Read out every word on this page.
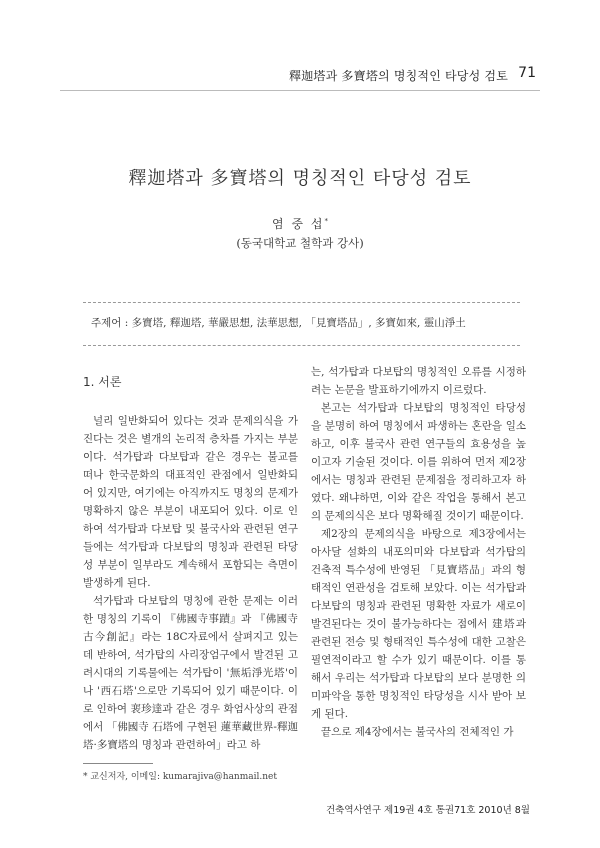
釋迦塔과 多寶塔의 명칭적인 타당성 검토 71
釋迦塔과 多寶塔의 명칭적인 타당성 검토
염 중 섭*
(동국대학교 철학과 강사)
주제어 : 多寶塔, 釋迦塔, 華嚴思想, 法華思想, 「見寶塔品」, 多寶如來, 靈山淨土
1. 서론

널리 일반화되어 있다는 것과 문제의식을 가진다는 것은 별개의 논리적 층차를 가지는 부분이다. 석가탑과 다보탑과 같은 경우는 불교를 떠나 한국문화의 대표적인 관점에서 일반화되어 있지만, 여기에는 아직까지도 명칭의 문제가 명확하지 않은 부분이 내포되어 있다. 이로 인하여 석가탑과 다보탑 및 불국사와 관련된 연구들에는 석가탑과 다보탑의 명칭과 관련된 타당성 부분이 일부라도 계속해서 포함되는 측면이 발생하게 된다.

석가탑과 다보탑의 명칭에 관한 문제는 이러한 명칭의 기록이 『佛國寺事蹟』과 『佛國寺古今創記』라는 18C자료에서 살펴지고 있는데 반하여, 석가탑의 사리장엄구에서 발견된 고려시대의 기록물에는 석가탑이 '無垢淨光塔'이나 '西石塔'으로만 기록되어 있기 때문이다. 이로 인하여 裵珍達과 같은 경우 화엄사상의 관점에서 「佛國寺 石塔에 구현된 蓮華藏世界-釋迦塔·多寶塔의 명칭과 관련하여」라고 하

는, 석가탑과 다보탑의 명칭적인 오류를 시정하려는 논문을 발표하기에까지 이르렀다.

본고는 석가탑과 다보탑의 명칭적인 타당성을 분명히 하여 명칭에서 파생하는 혼란을 일소하고, 이후 불국사 관련 연구들의 효용성을 높이고자 기술된 것이다. 이를 위하여 먼저 제2장에서는 명칭과 관련된 문제점을 정리하고자 하였다. 왜냐하면, 이와 같은 작업을 통해서 본고의 문제의식은 보다 명확해질 것이기 때문이다.

제2장의 문제의식을 바탕으로 제3장에서는 아사달 설화의 내포의미와 다보탑과 석가탑의 건축적 특수성에 반영된 「見寶塔品」과의 형태적인 연관성을 검토해 보았다. 이는 석가탑과 다보탑의 명칭과 관련된 명확한 자료가 새로이 발견된다는 것이 불가능하다는 점에서 建塔과 관련된 전승 및 형태적인 특수성에 대한 고찰은 필연적이라고 할 수가 있기 때문이다. 이를 통해서 우리는 석가탑과 다보탑의 보다 분명한 의미파악을 통한 명칭적인 타당성을 시사 받아 보게 된다.

끝으로 제4장에서는 불국사의 전체적인 가

* 교신저자, 이메일: kumarajiva@hanmail.net
건축역사연구 제19권 4호 통권71호 2010년 8월
